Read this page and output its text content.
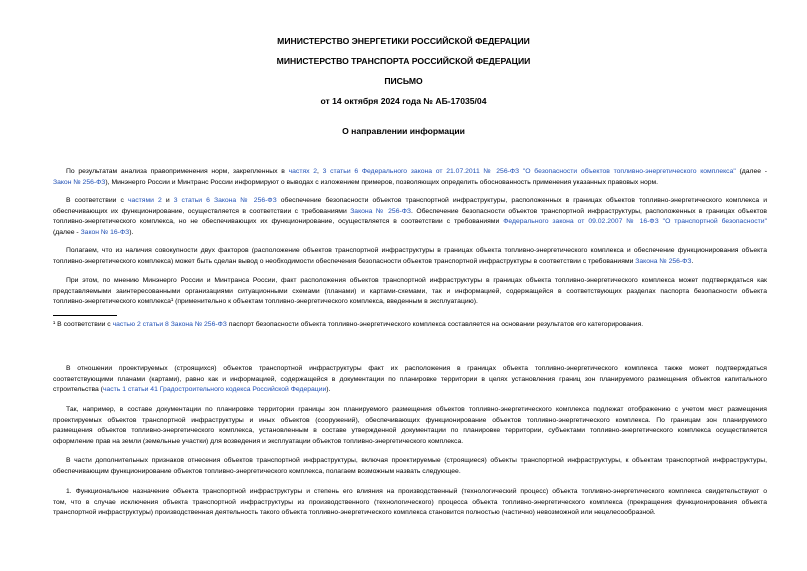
МИНИСТЕРСТВО ЭНЕРГЕТИКИ РОССИЙСКОЙ ФЕДЕРАЦИИ
МИНИСТЕРСТВО ТРАНСПОРТА РОССИЙСКОЙ ФЕДЕРАЦИИ
ПИСЬМО
от 14 октября 2024 года № АБ-17035/04
О направлении информации
По результатам анализа правоприменения норм, закрепленных в частях 2, 3 статьи 6 Федерального закона от 21.07.2011 № 256-ФЗ "О безопасности объектов топливно-энергетического комплекса" (далее -
Закон № 256-ФЗ), Минэнерго России и Минтранс России информируют о выводах с изложением примеров, позволяющих определить обоснованность применения указанных правовых норм.
В соответствии с частями 2 и 3 статьи 6 Закона № 256-ФЗ обеспечение безопасности объектов транспортной инфраструктуры, расположенных в границах объектов топливно-энергетического комплекса и
обеспечивающих их функционирование, осуществляется в соответствии с требованиями Закона № 256-ФЗ. Обеспечение безопасности объектов транспортной инфраструктуры, расположенных в границах объектов
топливно-энергетического комплекса, но не обеспечивающих их функционирование, осуществляется в соответствии с требованиями Федерального закона от 09.02.2007 № 16-ФЗ "О транспортной безопасности"
(далее - Закон № 16-ФЗ).
Полагаем, что из наличия совокупности двух факторов (расположение объектов транспортной инфраструктуры в границах объекта топливно-энергетического комплекса и обеспечение функционирования объекта
топливно-энергетического комплекса) может быть сделан вывод о необходимости обеспечения безопасности объектов транспортной инфраструктуры в соответствии с требованиями Закона № 256-ФЗ.
При этом, по мнению Минэнерго России и Минтранса России, факт расположения объектов транспортной инфраструктуры в границах объекта топливно-энергетического комплекса может подтверждаться как
представляемыми заинтересованными организациями ситуационными схемами (планами) и картами-схемами, так и информацией, содержащейся в соответствующих разделах паспорта безопасности объекта
топливно-энергетического комплекса¹ (применительно к объектам топливно-энергетического комплекса, введенным в эксплуатацию).
¹ В соответствии с частью 2 статьи 8 Закона № 256-ФЗ паспорт безопасности объекта топливно-энергетического комплекса составляется на основании результатов его категорирования.
В отношении проектируемых (строящихся) объектов транспортной инфраструктуры факт их расположения в границах объекта топливно-энергетического комплекса также может подтверждаться
соответствующими планами (картами), равно как и информацией, содержащейся в документации по планировке территории в целях установления границ зон планируемого размещения объектов капитального
строительства (часть 1 статьи 41 Градостроительного кодекса Российской Федерации).
Так, например, в составе документации по планировке территории границы зон планируемого размещения объектов топливно-энергетического комплекса подлежат отображению с учетом мест размещения
проектируемых объектов транспортной инфраструктуры и иных объектов (сооружений), обеспечивающих функционирование объектов топливно-энергетического комплекса. По границам зон планируемого
размещения объектов топливно-энергетического комплекса, установленным в составе утвержденной документации по планировке территории, субъектами топливно-энергетического комплекса осуществляется
оформление прав на земли (земельные участки) для возведения и эксплуатации объектов топливно-энергетического комплекса.
В части дополнительных признаков отнесения объектов транспортной инфраструктуры, включая проектируемые (строящиеся) объекты транспортной инфраструктуры, к объектам транспортной инфраструктуры,
обеспечивающим функционирование объектов топливно-энергетического комплекса, полагаем возможным назвать следующее.
1. Функциональное назначение объекта транспортной инфраструктуры и степень его влияния на производственный (технологический процесс) объекта топливно-энергетического комплекса свидетельствуют о
том, что в случае исключения объекта транспортной инфраструктуры из производственного (технологического) процесса объекта топливно-энергетического комплекса (прекращения функционирования объекта
транспортной инфраструктуры) производственная деятельность такого объекта топливно-энергетического комплекса становится полностью (частично) невозможной или нецелесообразной.
